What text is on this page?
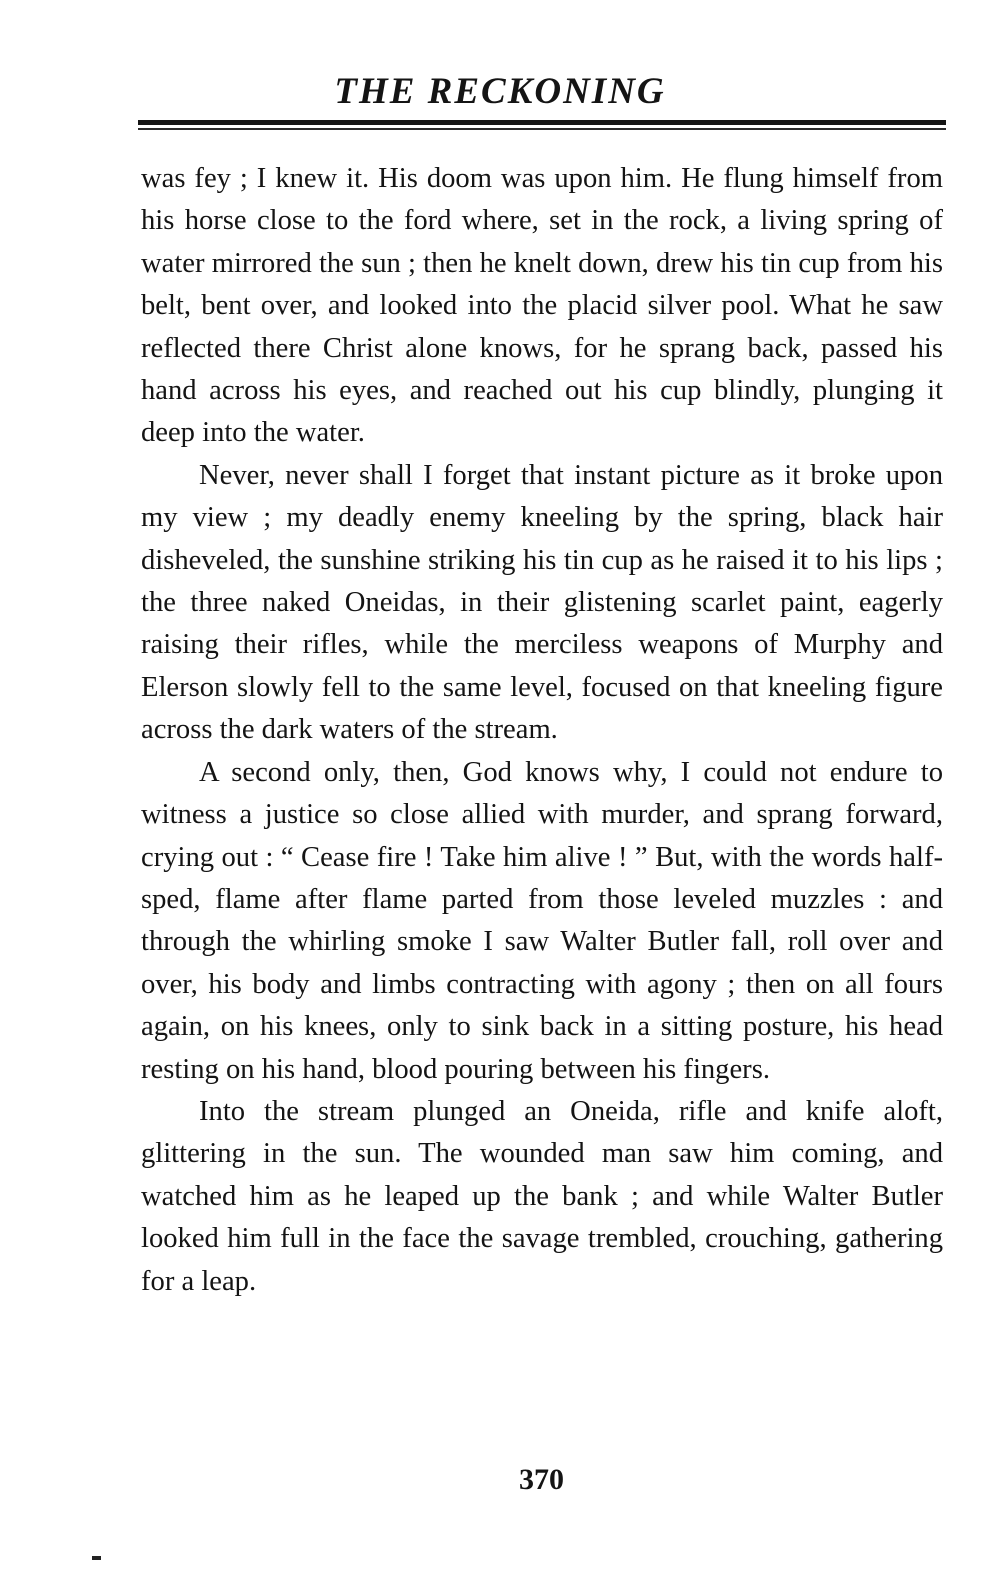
THE RECKONING

was fey ; I knew it. His doom was upon him. He flung himself from his horse close to the ford where, set in the rock, a living spring of water mirrored the sun ; then he knelt down, drew his tin cup from his belt, bent over, and looked into the placid silver pool. What he saw reflected there Christ alone knows, for he sprang back, passed his hand across his eyes, and reached out his cup blindly, plunging it deep into the water.

Never, never shall I forget that instant picture as it broke upon my view ; my deadly enemy kneeling by the spring, black hair disheveled, the sunshine striking his tin cup as he raised it to his lips ; the three naked Oneidas, in their glistening scarlet paint, eagerly raising their rifles, while the merciless weapons of Murphy and Elerson slowly fell to the same level, focused on that kneeling figure across the dark waters of the stream.

A second only, then, God knows why, I could not endure to witness a justice so close allied with murder, and sprang forward, crying out : “ Cease fire ! Take him alive ! ” But, with the words half-sped, flame after flame parted from those leveled muzzles : and through the whirling smoke I saw Walter Butler fall, roll over and over, his body and limbs contracting with agony ; then on all fours again, on his knees, only to sink back in a sitting posture, his head resting on his hand, blood pouring between his fingers.

Into the stream plunged an Oneida, rifle and knife aloft, glittering in the sun. The wounded man saw him coming, and watched him as he leaped up the bank ; and while Walter Butler looked him full in the face the savage trembled, crouching, gathering for a leap.

370
